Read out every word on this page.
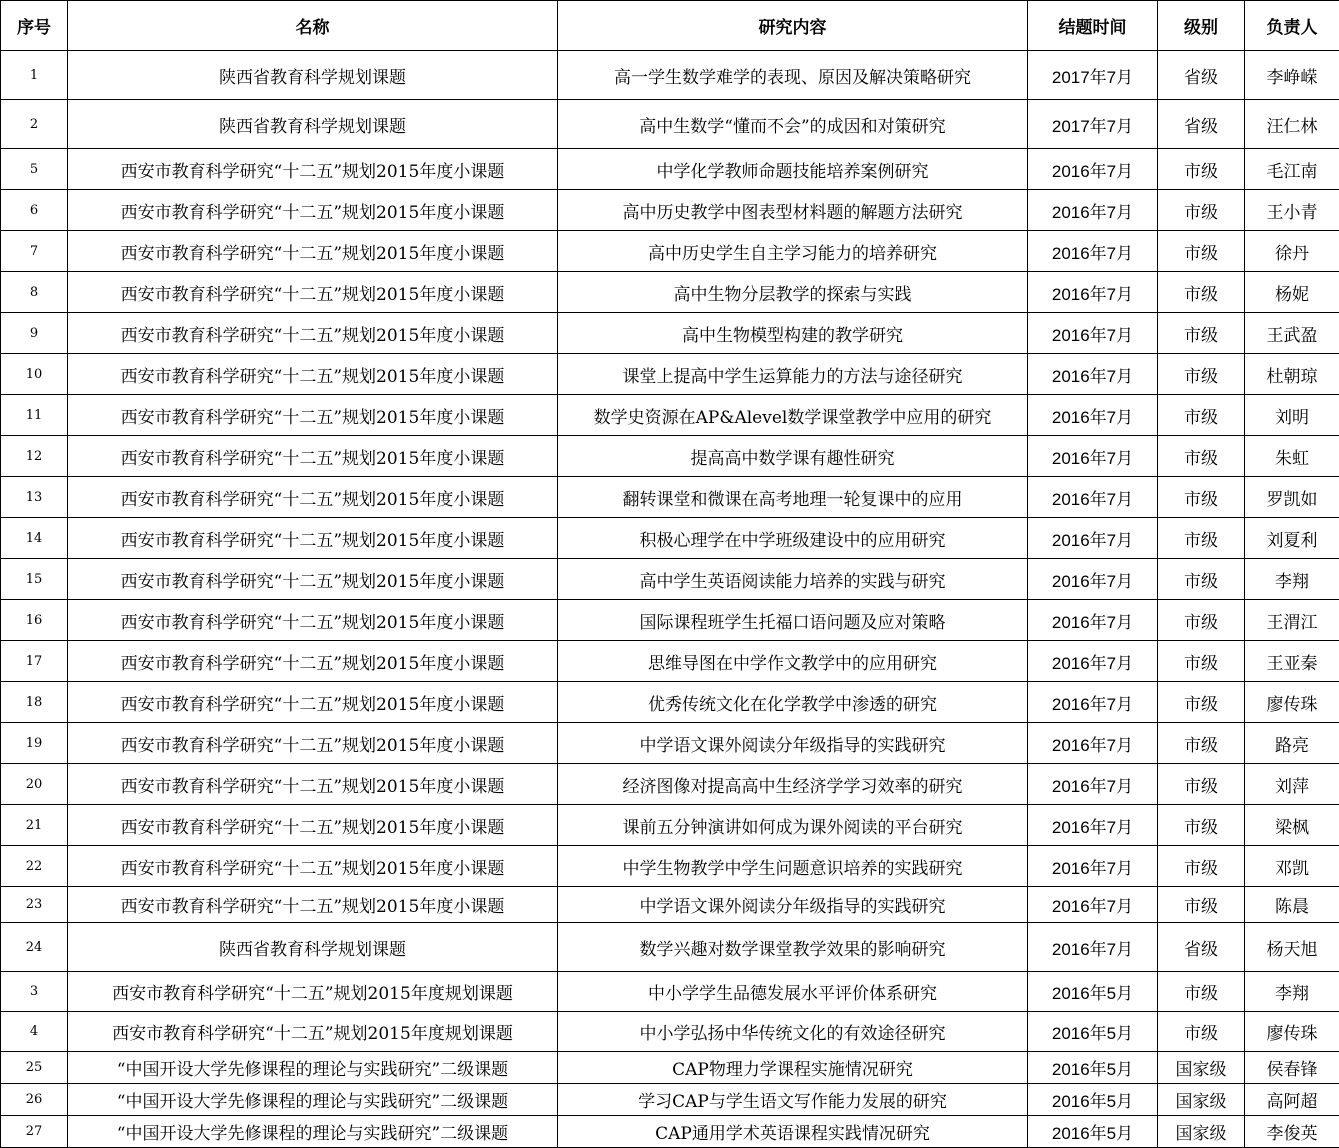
序号	名称	研究内容	结题时间	级别	负责人
1	陕西省教育科学规划课题	高一学生数学难学的表现、原因及解决策略研究	2017年7月	省级	李峥嵘
2	陕西省教育科学规划课题	高中生数学“懂而不会”的成因和对策研究	2017年7月	省级	汪仁林
5	西安市教育科学研究“十二五”规划2015年度小课题	中学化学教师命题技能培养案例研究	2016年7月	市级	毛江南
6	西安市教育科学研究“十二五”规划2015年度小课题	高中历史教学中图表型材料题的解题方法研究	2016年7月	市级	王小青
7	西安市教育科学研究“十二五”规划2015年度小课题	高中历史学生自主学习能力的培养研究	2016年7月	市级	徐丹
8	西安市教育科学研究“十二五”规划2015年度小课题	高中生物分层教学的探索与实践	2016年7月	市级	杨妮
9	西安市教育科学研究“十二五”规划2015年度小课题	高中生物模型构建的教学研究	2016年7月	市级	王武盈
10	西安市教育科学研究“十二五”规划2015年度小课题	课堂上提高中学生运算能力的方法与途径研究	2016年7月	市级	杜朝琼
11	西安市教育科学研究“十二五”规划2015年度小课题	数学史资源在AP&Alevel数学课堂教学中应用的研究	2016年7月	市级	刘明
12	西安市教育科学研究“十二五”规划2015年度小课题	提高高中数学课有趣性研究	2016年7月	市级	朱虹
13	西安市教育科学研究“十二五”规划2015年度小课题	翻转课堂和微课在高考地理一轮复课中的应用	2016年7月	市级	罗凯如
14	西安市教育科学研究“十二五”规划2015年度小课题	积极心理学在中学班级建设中的应用研究	2016年7月	市级	刘夏利
15	西安市教育科学研究“十二五”规划2015年度小课题	高中学生英语阅读能力培养的实践与研究	2016年7月	市级	李翔
16	西安市教育科学研究“十二五”规划2015年度小课题	国际课程班学生托福口语问题及应对策略	2016年7月	市级	王渭江
17	西安市教育科学研究“十二五”规划2015年度小课题	思维导图在中学作文教学中的应用研究	2016年7月	市级	王亚秦
18	西安市教育科学研究“十二五”规划2015年度小课题	优秀传统文化在化学教学中渗透的研究	2016年7月	市级	廖传珠
19	西安市教育科学研究“十二五”规划2015年度小课题	中学语文课外阅读分年级指导的实践研究	2016年7月	市级	路亮
20	西安市教育科学研究“十二五”规划2015年度小课题	经济图像对提高高中生经济学学习效率的研究	2016年7月	市级	刘萍
21	西安市教育科学研究“十二五”规划2015年度小课题	课前五分钟演讲如何成为课外阅读的平台研究	2016年7月	市级	梁枫
22	西安市教育科学研究“十二五”规划2015年度小课题	中学生物教学中学生问题意识培养的实践研究	2016年7月	市级	邓凯
23	西安市教育科学研究“十二五”规划2015年度小课题	中学语文课外阅读分年级指导的实践研究	2016年7月	市级	陈晨
24	陕西省教育科学规划课题	数学兴趣对数学课堂教学效果的影响研究	2016年7月	省级	杨天旭
3	西安市教育科学研究“十二五”规划2015年度规划课题	中小学学生品德发展水平评价体系研究	2016年5月	市级	李翔
4	西安市教育科学研究“十二五”规划2015年度规划课题	中小学弘扬中华传统文化的有效途径研究	2016年5月	市级	廖传珠
25	“中国开设大学先修课程的理论与实践研究”二级课题	CAP物理力学课程实施情况研究	2016年5月	国家级	侯春锋
26	“中国开设大学先修课程的理论与实践研究”二级课题	学习CAP与学生语文写作能力发展的研究	2016年5月	国家级	高阿超
27	“中国开设大学先修课程的理论与实践研究”二级课题	CAP通用学术英语课程实践情况研究	2016年5月	国家级	李俊英
